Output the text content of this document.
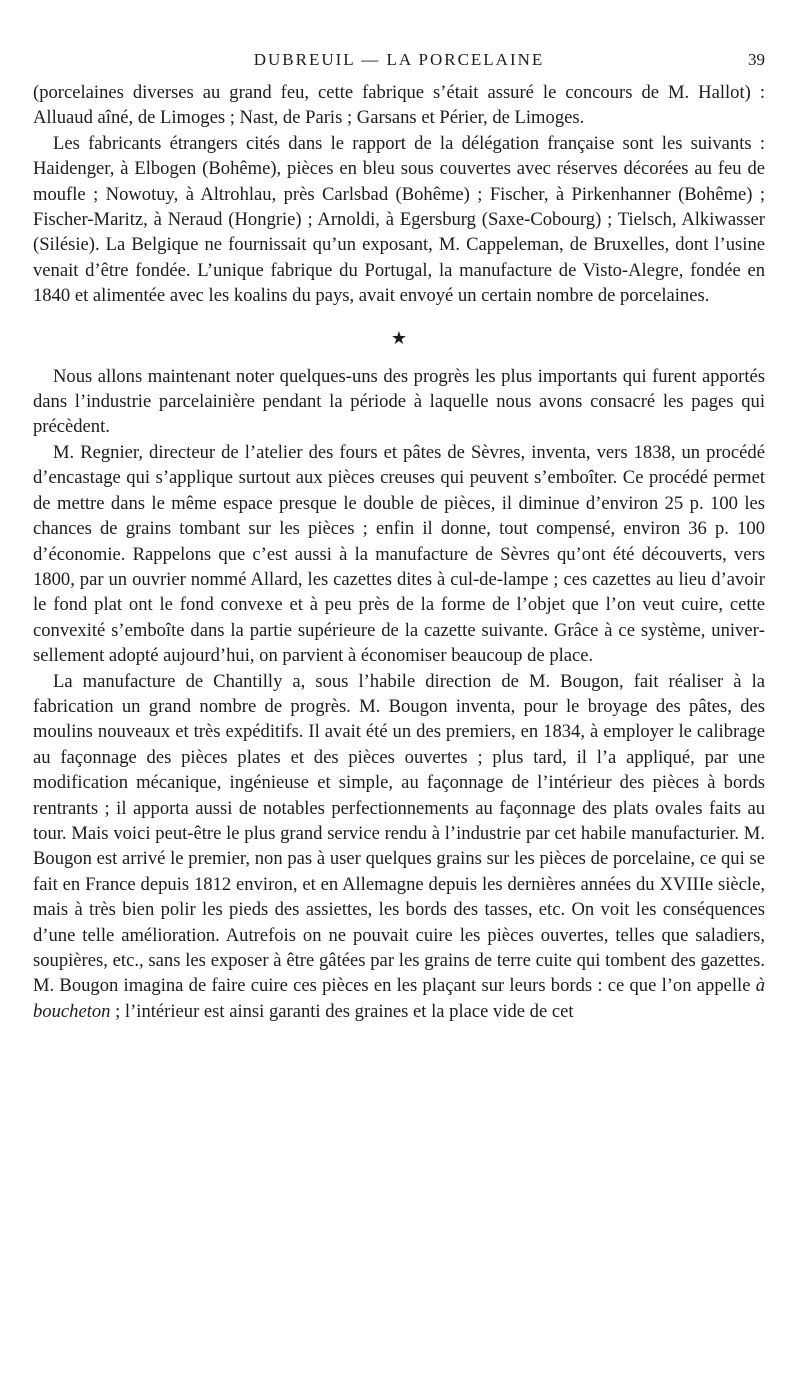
DUBREUIL — LA PORCELAINE	39

(porcelaines diverses au grand feu, cette fabrique s’était assuré le concours de M. Hallot) : Alluaud aîné, de Limoges ; Nast, de Paris ; Garsans et Périer, de Limoges.

Les fabricants étrangers cités dans le rapport de la délégation française sont les suivants : Haidenger, à Elbogen (Bohême), pièces en bleu sous couvertes avec réserves décorées au feu de moufle ; Nowotuy, à Altrohlau, près Carlsbad (Bohême) ; Fischer, à Pirkenhanner (Bohême) ; Fischer-Maritz, à Neraud (Hongrie) ; Arnoldi, à Egersburg (Saxe-Cobourg) ; Tielsch, Alkiwasser (Silésie). La Belgique ne fournissait qu’un exposant, M. Cappeleman, de Bruxelles, dont l’usine venait d’être fondée. L’unique fabrique du Portugal, la manufacture de Visto-Alegre, fondée en 1840 et alimentée avec les koalins du pays, avait envoyé un certain nombre de porcelaines.

★

Nous allons maintenant noter quelques-uns des progrès les plus importants qui furent apportés dans l’industrie parcelainière pendant la période à laquelle nous avons consacré les pages qui précèdent.

M. Regnier, directeur de l’atelier des fours et pâtes de Sèvres, inventa, vers 1838, un procédé d’encastage qui s’applique surtout aux pièces creuses qui peuvent s’emboîter. Ce procédé permet de mettre dans le même espace presque le double de pièces, il diminue d’environ 25 p. 100 les chances de grains tombant sur les pièces ; enfin il donne, tout compensé, environ 36 p. 100 d’économie. Rappelons que c’est aussi à la manufacture de Sèvres qu’ont été découverts, vers 1800, par un ouvrier nommé Allard, les cazettes dites à cul-de-lampe ; ces cazettes au lieu d’avoir le fond plat ont le fond convexe et à peu près de la forme de l’objet que l’on veut cuire, cette convexité s’emboîte dans la partie supérieure de la cazette suivante. Grâce à ce système, universellement adopté aujourd’hui, on parvient à économiser beaucoup de place.

La manufacture de Chantilly a, sous l’habile direction de M. Bougon, fait réaliser à la fabrication un grand nombre de progrès. M. Bougon inventa, pour le broyage des pâtes, des moulins nouveaux et très expéditifs. Il avait été un des premiers, en 1834, à employer le calibrage au façonnage des pièces plates et des pièces ouvertes ; plus tard, il l’a appliqué, par une modification mécanique, ingénieuse et simple, au façonnage de l’intérieur des pièces à bords rentrants ; il apporta aussi de notables perfectionnements au façonnage des plats ovales faits au tour. Mais voici peut-être le plus grand service rendu à l’industrie par cet habile manufacturier. M. Bougon est arrivé le premier, non pas à user quelques grains sur les pièces de porcelaine, ce qui se fait en France depuis 1812 environ, et en Allemagne depuis les dernières années du XVIIIe siècle, mais à très bien polir les pieds des assiettes, les bords des tasses, etc. On voit les conséquences d’une telle amélioration. Autrefois on ne pouvait cuire les pièces ouvertes, telles que saladiers, soupières, etc., sans les exposer à être gâtées par les grains de terre cuite qui tombent des gazettes. M. Bougon imagina de faire cuire ces pièces en les plaçant sur leurs bords : ce que l’on appelle à boucheton ; l’intérieur est ainsi garanti des graines et la place vide de cet
